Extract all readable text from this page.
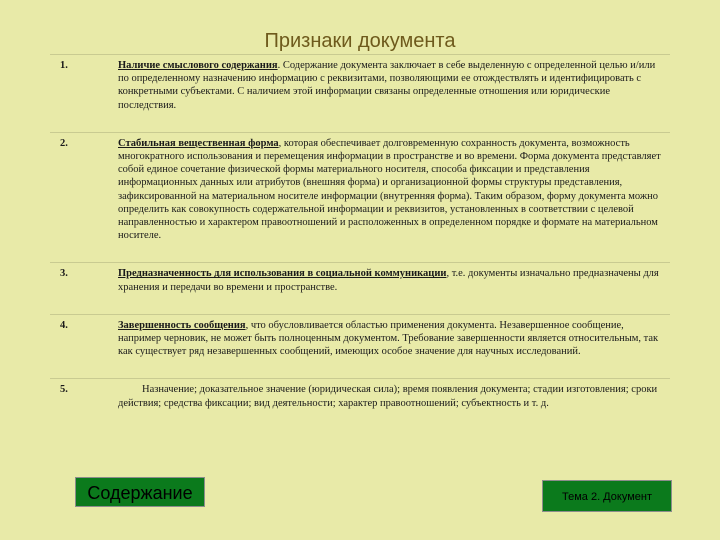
Признаки документа
1.	Наличие смыслового содержания. Содержание документа заключает в себе выделенную с определенной целью и/или по определенному назначению информацию с реквизитами, позволяющими ее отождествлять и идентифицировать с конкретными субъектами. С наличием этой информации связаны определенные отношения или юридические последствия.

2.	Стабильная вещественная форма, которая обеспечивает долговременную сохранность документа, возможность многократного использования и перемещения информации в пространстве и во времени. Форма документа представляет собой единое сочетание физической формы материального носителя, способа фиксации и представления информационных данных или атрибутов (внешняя форма) и организационной формы структуры представления, зафиксированной на материальном носителе информации (внутренняя форма). Таким образом, форму документа можно определить как совокупность содержательной информации и реквизитов, установленных в соответствии с целевой направленностью и характером правоотношений и расположенных в определенном порядке и формате на материальном носителе.

3.	Предназначенность для использования в социальной коммуникации, т.е. документы изначально предназначены для хранения и передачи во времени и пространстве.

4.	Завершенность сообщения, что обусловливается областью применения документа. Незавершенное сообщение, например черновик, не может быть полноценным документом. Требование завершенности является относительным, так как существует ряд незавершенных сообщений, имеющих особое значение для научных исследований.

5.	Назначение; доказательное значение (юридическая сила); время появления документа; стадии изготовления; сроки действия; средства фиксации; вид деятельности; характер правоотношений; субъектность и т. д.
Содержание	Тема 2. Документ
